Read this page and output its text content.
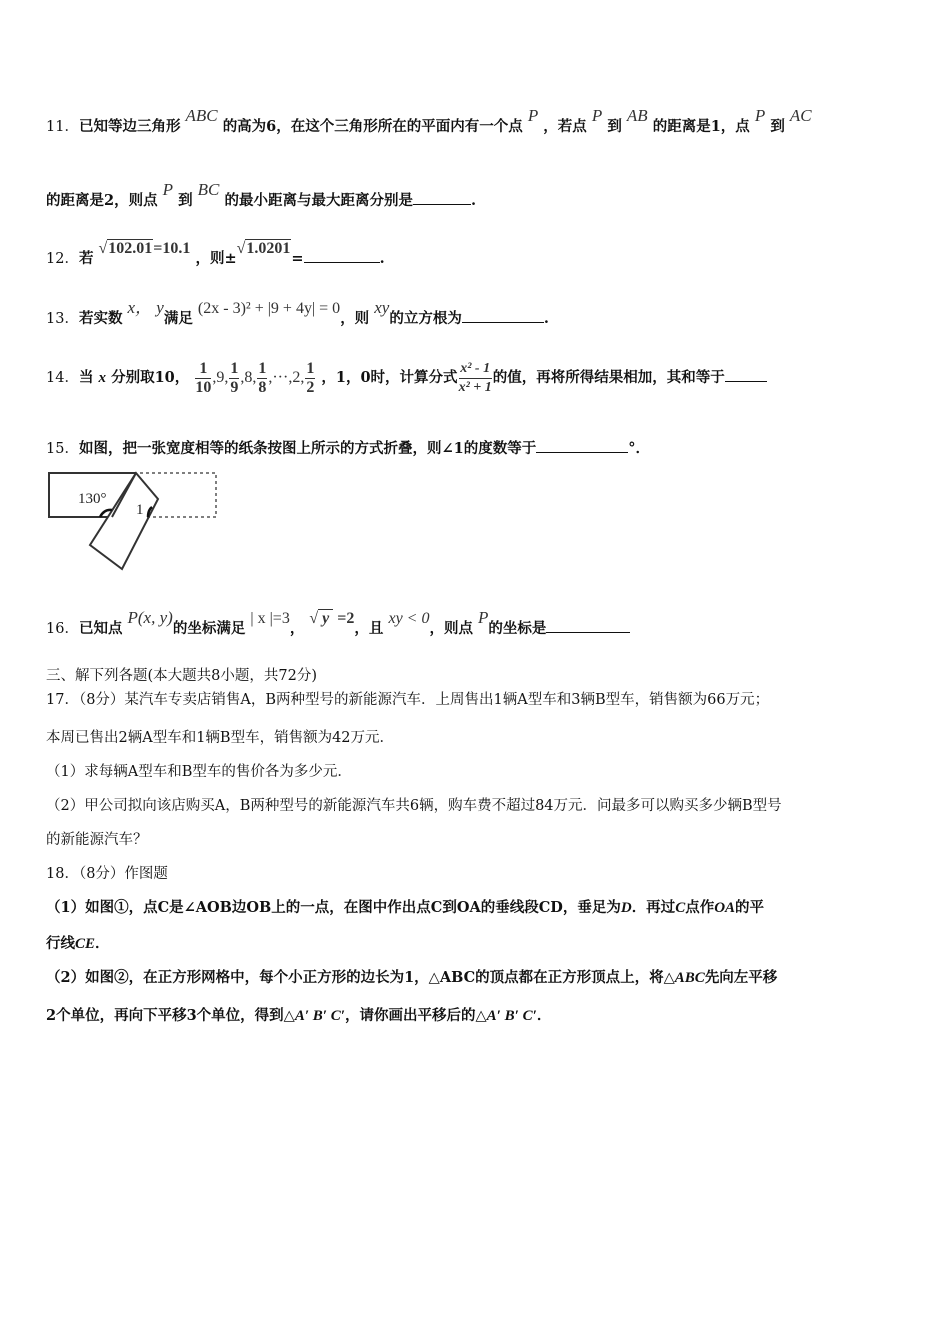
11．已知等边三角形 ABC 的高为6，在这个三角形所在的平面内有一个点 P ，若点 P 到 AB 的距离是1，点 P 到 AC
的距离是2，则点 P 到 BC 的最小距离与最大距离分别是	.
12．若 √102.01=10.1 ，则±√1.0201=	.
13．若实数 x， y满足 (2x - 3)² + |9 + 4y| = 0，则 xy的立方根为	.
14．当 x 分别取10， $\frac{1}{10} ,9$, $\frac{1}{9} ,8$, $\frac{1}{8} ,\cdot\cdot\cdot,2$, $\frac{1}{2}$ ，1，0时，计算分式 $\frac{\text{x² - 1}}{\text{x² + 1}}$ 的值，再将所得结果相加，其和等于
15．如图，把一张宽度相等的纸条按图上所示的方式折叠，则∠1的度数等于	°．
130°
1
16．已知点 P(x, y)的坐标满足 | x |=3， √ y =2，且 xy < 0，则点 P的坐标是
三、解下列各题(本大题共8小题，共72分)
17．（8分）某汽车专卖店销售A，B两种型号的新能源汽车．上周售出1辆A型车和3辆B型车，销售额为66万元；
本周已售出2辆A型车和1辆B型车，销售额为42万元．
（1）求每辆A型车和B型车的售价各为多少元．
（2）甲公司拟向该店购买A，B两种型号的新能源汽车共6辆，购车费不超过84万元．问最多可以购买多少辆B型号
的新能源汽车？
18．（8分）作图题
（1）如图①，点C是∠AOB边OB上的一点，在图中作出点C到OA的垂线段CD，垂足为D．再过C点作OA的平
行线CE．
（2）如图②，在正方形网格中，每个小正方形的边长为1，△ABC的顶点都在正方形顶点上，将△ABC先向左平移
2个单位，再向下平移3个单位，得到△A′ B′ C′，请你画出平移后的△A′ B′ C′．
